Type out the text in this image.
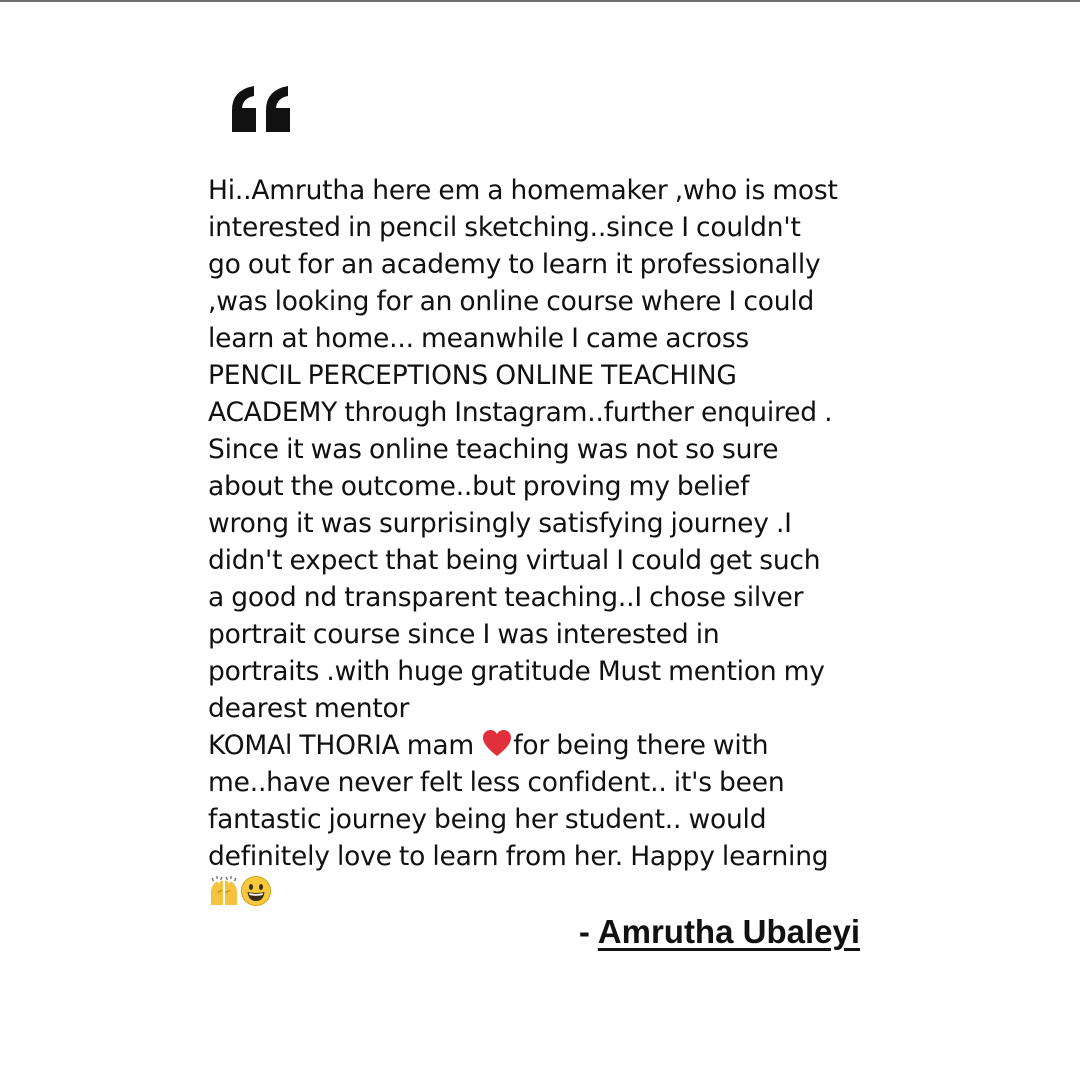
Hi..Amrutha here em a homemaker ,who is most
interested in pencil sketching..since I couldn't
go out for an academy to learn it professionally
,was looking for an online course where I could
learn at home... meanwhile I came across
PENCIL PERCEPTIONS ONLINE TEACHING
ACADEMY through Instagram..further enquired .
Since it was online teaching was not so sure
about the outcome..but proving my belief
wrong it was surprisingly satisfying journey .I
didn't expect that being virtual I could get such
a good nd transparent teaching..I chose silver
portrait course since I was interested in
portraits .with huge gratitude Must mention my
dearest mentor
KOMAl THORIA mam for being there with
me..have never felt less confident.. it's been
fantastic journey being her student.. would
definitely love to learn from her. Happy learning

- Amrutha Ubaleyi
